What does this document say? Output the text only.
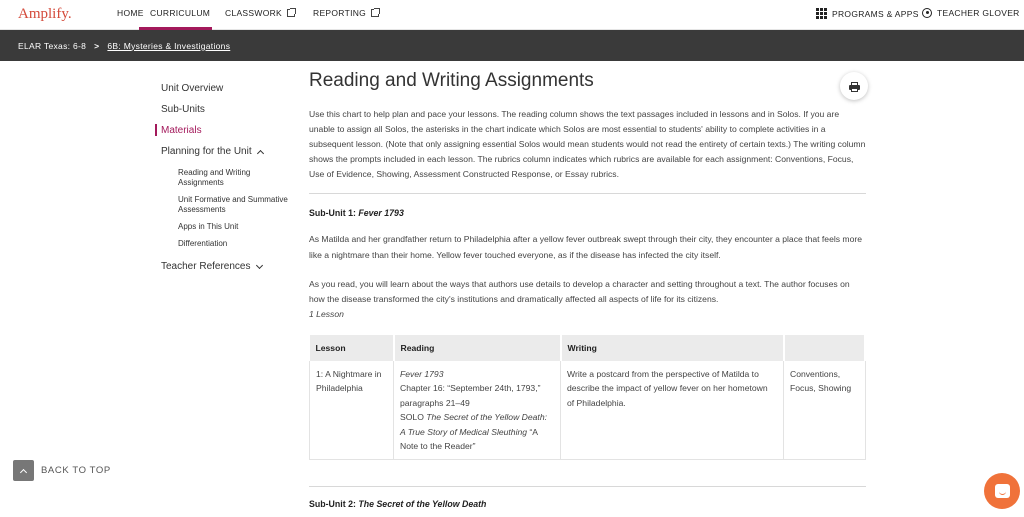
Amplify.	HOME CURRICULUM CLASSWORK	REPORTING	PROGRAMS & APPS TEACHER GLOVER
ELAR Texas: 6-8 > 6B: Mysteries & Investigations
Unit Overview
Sub-Units
Materials
Planning for the Unit
Reading and Writing Assignments
Unit Formative and Summative Assessments
Apps in This Unit
Differentiation
Teacher References
Reading and Writing Assignments

Use this chart to help plan and pace your lessons. The reading column shows the text passages included in lessons and in Solos. If you are unable to assign all Solos, the asterisks in the chart indicate which Solos are most essential to students' ability to complete activities in a subsequent lesson. (Note that only assigning essential Solos would mean students would not read the entirety of certain texts.) The writing column shows the prompts included in each lesson. The rubrics column indicates which rubrics are available for each assignment: Conventions, Focus, Use of Evidence, Showing, Assessment Constructed Response, or Essay rubrics.

Sub-Unit 1: Fever 1793

As Matilda and her grandfather return to Philadelphia after a yellow fever outbreak swept through their city, they encounter a place that feels more like a nightmare than their home. Yellow fever touched everyone, as if the disease has infected the city itself.

As you read, you will learn about the ways that authors use details to develop a character and setting throughout a text. The author focuses on how the disease transformed the city's institutions and dramatically affected all aspects of life for its citizens.
1 Lesson

Lesson	Reading	Writing	
1: A Nightmare in Philadelphia	Fever 1793
Chapter 16: “September 24th, 1793,” paragraphs 21–49
SOLO The Secret of the Yellow Death: A True Story of Medical Sleuthing “A Note to the Reader”	Write a postcard from the perspective of Matilda to describe the impact of yellow fever on her hometown of Philadelphia.	Conventions, Focus, Showing
Sub-Unit 2: The Secret of the Yellow Death
BACK TO TOP
